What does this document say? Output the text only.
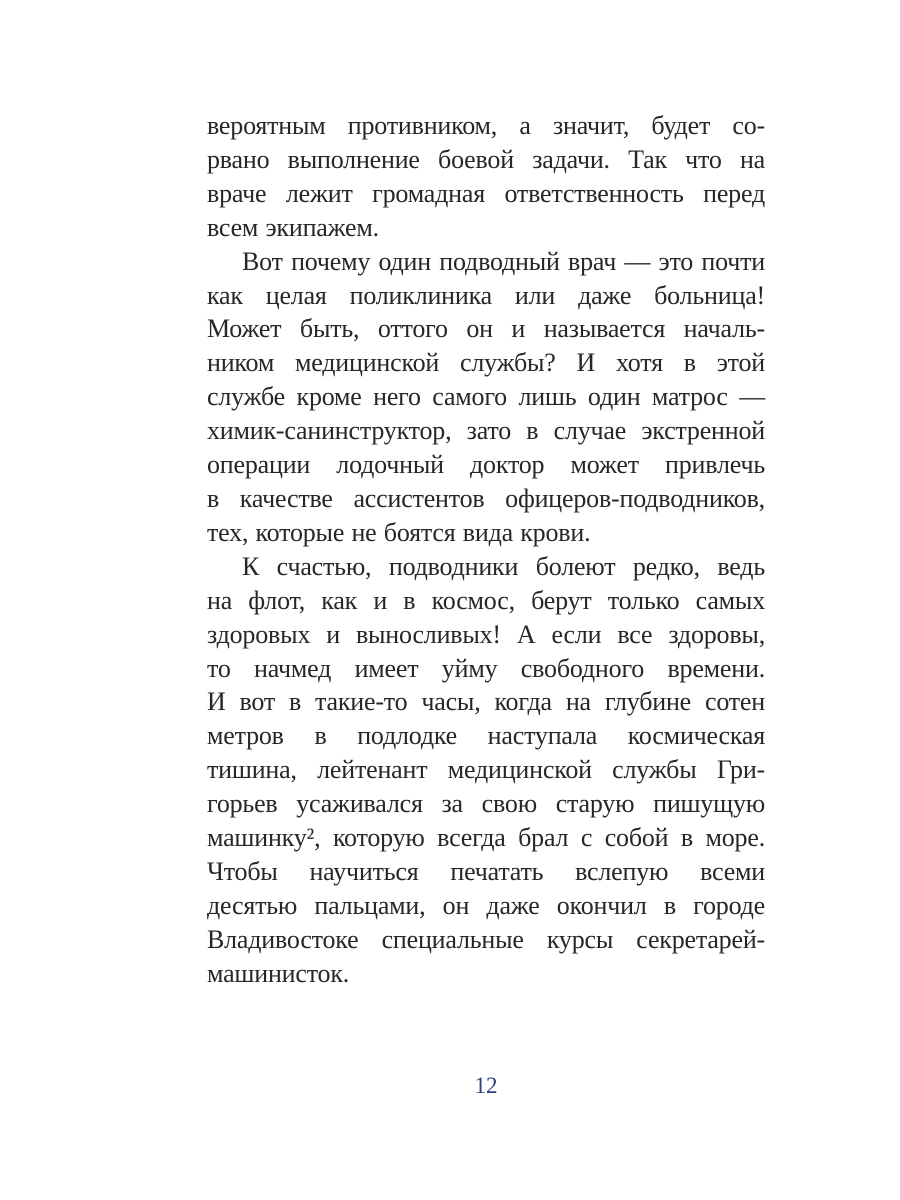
вероятным противником, а значит, будет со-
рвано выполнение боевой задачи. Так что на
враче лежит громадная ответственность перед
всем экипажем.
Вот почему один подводный врач — это почти
как целая поликлиника или даже больница!
Может быть, оттого он и называется началь-
ником медицинской службы? И хотя в этой
службе кроме него самого лишь один матрос —
химик-санинструктор, зато в случае экстренной
операции лодочный доктор может привлечь
в качестве ассистентов офицеров-подводников,
тех, которые не боятся вида крови.
К счастью, подводники болеют редко, ведь
на флот, как и в космос, берут только самых
здоровых и выносливых! А если все здоровы,
то начмед имеет уйму свободного времени.
И вот в такие-то часы, когда на глубине сотен
метров в подлодке наступала космическая
тишина, лейтенант медицинской службы Гри-
горьев усаживался за свою старую пишущую
машинку², которую всегда брал с собой в море.
Чтобы научиться печатать вслепую всеми
десятью пальцами, он даже окончил в городе
Владивостоке специальные курсы секретарей-
машинисток.
12
